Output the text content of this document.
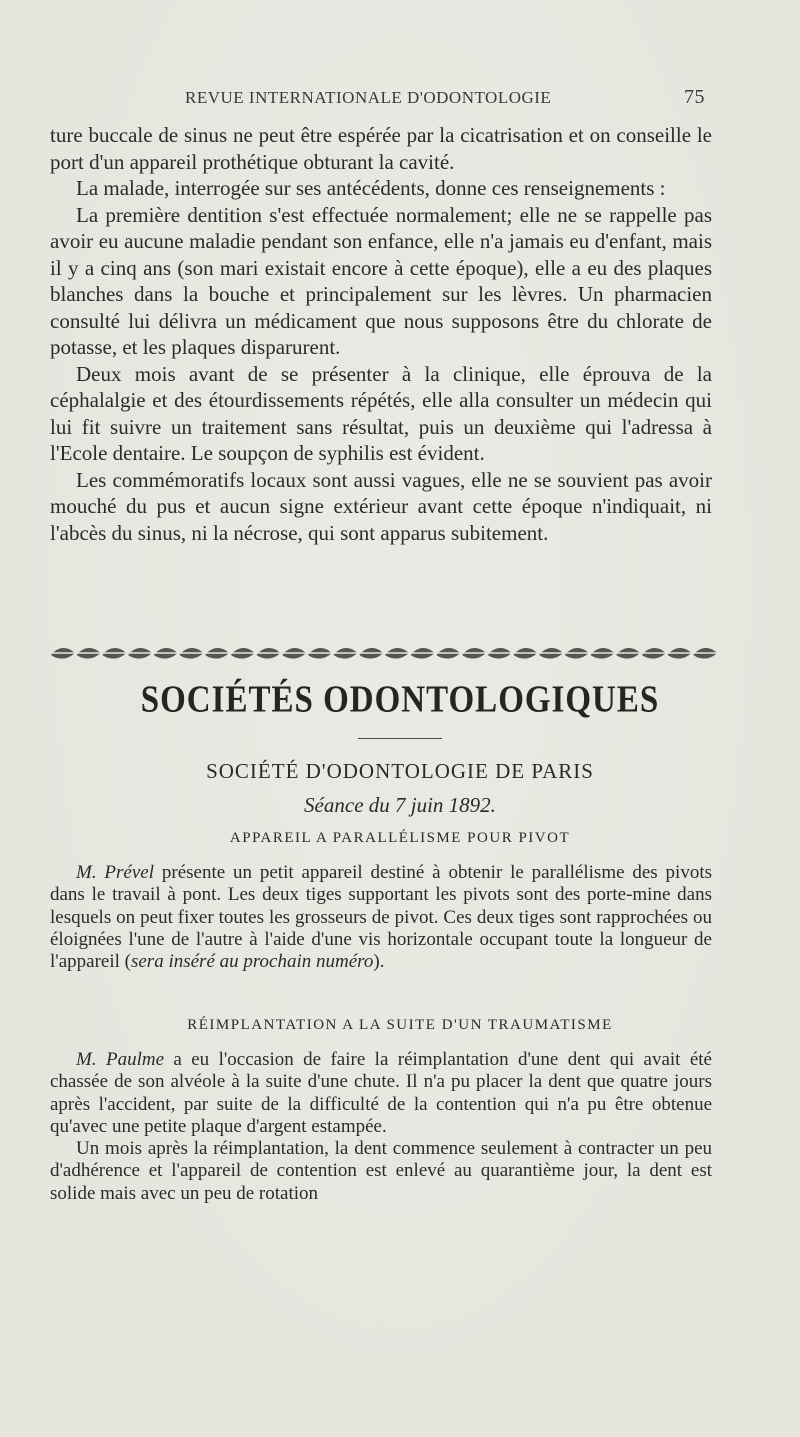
REVUE INTERNATIONALE D'ODONTOLOGIE	75

ture buccale de sinus ne peut être espérée par la cicatrisation et on conseille le port d'un appareil prothétique obturant la cavité.

La malade, interrogée sur ses antécédents, donne ces renseignements :

La première dentition s'est effectuée normalement; elle ne se rappelle pas avoir eu aucune maladie pendant son enfance, elle n'a jamais eu d'enfant, mais il y a cinq ans (son mari existait encore à cette époque), elle a eu des plaques blanches dans la bouche et principalement sur les lèvres. Un pharmacien consulté lui délivra un médicament que nous supposons être du chlorate de potasse, et les plaques disparurent.

Deux mois avant de se présenter à la clinique, elle éprouva de la céphalalgie et des étourdissements répétés, elle alla consulter un médecin qui lui fit suivre un traitement sans résultat, puis un deuxième qui l'adressa à l'Ecole dentaire. Le soupçon de syphilis est évident.

Les commémoratifs locaux sont aussi vagues, elle ne se souvient pas avoir mouché du pus et aucun signe extérieur avant cette époque n'indiquait, ni l'abcès du sinus, ni la nécrose, qui sont apparus subitement.

SOCIÉTÉS ODONTOLOGIQUES
SOCIÉTÉ D'ODONTOLOGIE DE PARIS
Séance du 7 juin 1892.
APPAREIL A PARALLÉLISME POUR PIVOT

M. Prével présente un petit appareil destiné à obtenir le parallélisme des pivots dans le travail à pont. Les deux tiges supportant les pivots sont des porte-mine dans lesquels on peut fixer toutes les grosseurs de pivot. Ces deux tiges sont rapprochées ou éloignées l'une de l'autre à l'aide d'une vis horizontale occupant toute la longueur de l'appareil (sera inséré au prochain numéro).

RÉIMPLANTATION A LA SUITE D'UN TRAUMATISME

M. Paulme a eu l'occasion de faire la réimplantation d'une dent qui avait été chassée de son alvéole à la suite d'une chute. Il n'a pu placer la dent que quatre jours après l'accident, par suite de la difficulté de la contention qui n'a pu être obtenue qu'avec une petite plaque d'argent estampée.

Un mois après la réimplantation, la dent commence seulement à contracter un peu d'adhérence et l'appareil de contention est enlevé au quarantième jour, la dent est solide mais avec un peu de rotation
